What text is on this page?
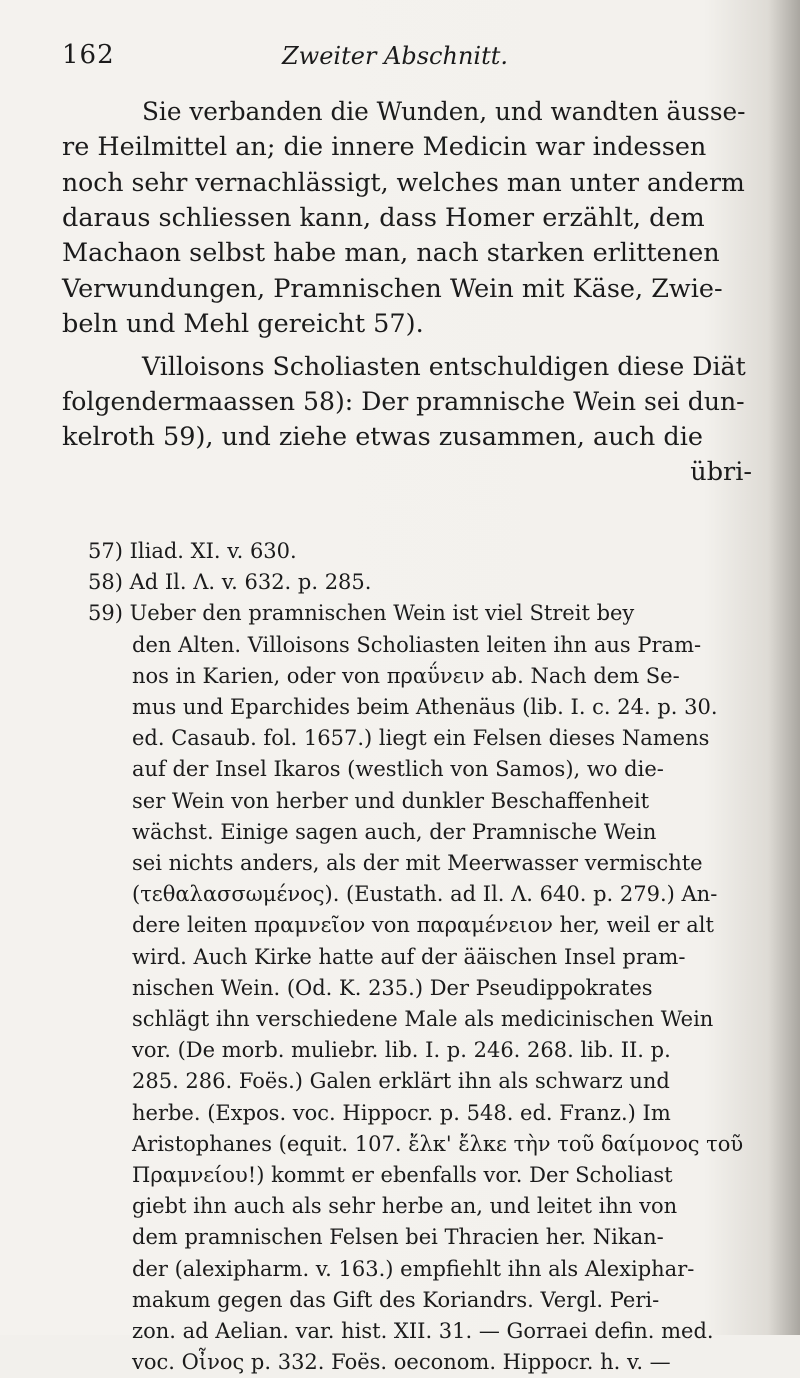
162	Zweiter Abschnitt.
Sie verbanden die Wunden, und wandten äusse-
re Heilmittel an; die innere Medicin war indessen
noch sehr vernachlässigt, welches man unter anderm
daraus schliessen kann, dass Homer erzählt, dem
Machaon selbst habe man, nach starken erlittenen
Verwundungen, Pramnischen Wein mit Käse, Zwie-
beln und Mehl gereicht 57).
Villoisons Scholiasten entschuldigen diese Diät
folgendermaassen 58): Der pramnische Wein sei dun-
kelroth 59), und ziehe etwas zusammen, auch die
übri-
57) Iliad. XI. v. 630.
58) Ad Il. Λ. v. 632. p. 285.
59) Ueber den pramnischen Wein ist viel Streit bey
den Alten. Villoisons Scholiasten leiten ihn aus Pram-
nos in Karien, oder von πραΰνειν ab. Nach dem Se-
mus und Eparchides beim Athenäus (lib. I. c. 24. p. 30.
ed. Casaub. fol. 1657.) liegt ein Felsen dieses Namens
auf der Insel Ikaros (westlich von Samos), wo die-
ser Wein von herber und dunkler Beschaffenheit
wächst. Einige sagen auch, der Pramnische Wein
sei nichts anders, als der mit Meerwasser vermischte
(τεθαλασσωμένος). (Eustath. ad Il. Λ. 640. p. 279.) An-
dere leiten πραμνεῖον von παραμένειον her, weil er alt
wird. Auch Kirke hatte auf der ääischen Insel pram-
nischen Wein. (Od. K. 235.) Der Pseudippokrates
schlägt ihn verschiedene Male als medicinischen Wein
vor. (De morb. muliebr. lib. I. p. 246. 268. lib. II. p.
285. 286. Foës.) Galen erklärt ihn als schwarz und
herbe. (Expos. voc. Hippocr. p. 548. ed. Franz.) Im
Aristophanes (equit. 107. ἔλκ' ἔλκε τὴν τοῦ δαίμονος τοῦ
Πραμνείου!) kommt er ebenfalls vor. Der Scholiast
giebt ihn auch als sehr herbe an, und leitet ihn von
dem pramnischen Felsen bei Thracien her. Nikan-
der (alexipharm. v. 163.) empfiehlt ihn als Alexiphar-
makum gegen das Gift des Koriandrs. Vergl. Peri-
zon. ad Aelian. var. hist. XII. 31. — Gorraei defin. med.
voc. Οἶνος p. 332. Foës. oeconom. Hippocr. h. v. —
